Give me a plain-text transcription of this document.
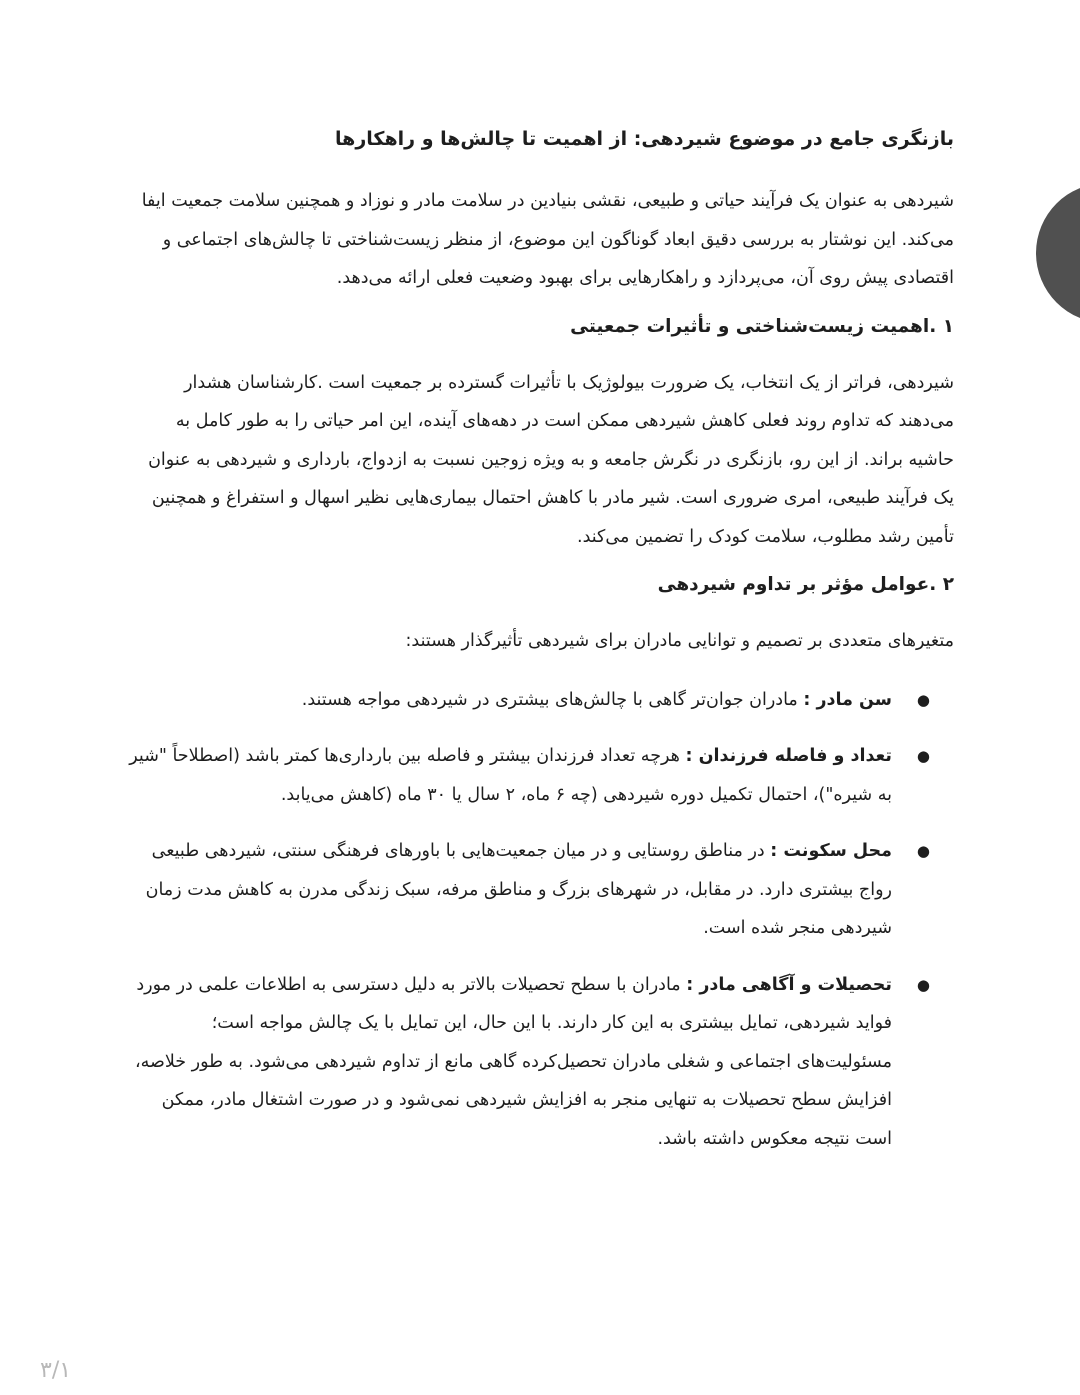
بازنگری جامع در موضوع شیردهی: از اهمیت تا چالش‌ها و راهکارها

شیردهی به عنوان یک فرآیند حیاتی و طبیعی، نقشی بنیادین در سلامت مادر و نوزاد و همچنین سلامت جمعیت ایفا می‌کند. این نوشتار به بررسی دقیق ابعاد گوناگون این موضوع، از منظر زیست‌شناختی تا چالش‌های اجتماعی و اقتصادی پیش روی آن، می‌پردازد و راهکارهایی برای بهبود وضعیت فعلی ارائه می‌دهد.

۱ .اهمیت زیست‌شناختی و تأثیرات جمعیتی

شیردهی، فراتر از یک انتخاب، یک ضرورت بیولوژیک با تأثیرات گسترده بر جمعیت است .کارشناسان هشدار می‌دهند که تداوم روند فعلی کاهش شیردهی ممکن است در دهه‌های آینده، این امر حیاتی را به طور کامل به حاشیه براند. از این رو، بازنگری در نگرش جامعه و به ویژه زوجین نسبت به ازدواج، بارداری و شیردهی به عنوان یک فرآیند طبیعی، امری ضروری است. شیر مادر با کاهش احتمال بیماری‌هایی نظیر اسهال و استفراغ و همچنین تأمین رشد مطلوب، سلامت کودک را تضمین می‌کند.

۲ .عوامل مؤثر بر تداوم شیردهی

متغیرهای متعددی بر تصمیم و توانایی مادران برای شیردهی تأثیرگذار هستند:

●
سن مادر : مادران جوان‌تر گاهی با چالش‌های بیشتری در شیردهی مواجه هستند.
●
تعداد و فاصله فرزندان : هرچه تعداد فرزندان بیشتر و فاصله بین بارداری‌ها کمتر باشد (اصطلاحاً "شیر به شیره")، احتمال تکمیل دوره شیردهی (چه ۶ ماه، ۲ سال یا ۳۰ ماه (کاهش می‌یابد.
●
محل سکونت : در مناطق روستایی و در میان جمعیت‌هایی با باورهای فرهنگی سنتی، شیردهی طبیعی رواج بیشتری دارد. در مقابل، در شهرهای بزرگ و مناطق مرفه، سبک زندگی مدرن به کاهش مدت زمان شیردهی منجر شده است.
●
تحصیلات و آگاهی مادر : مادران با سطح تحصیلات بالاتر به دلیل دسترسی به اطلاعات علمی در مورد فواید شیردهی، تمایل بیشتری به این کار دارند. با این حال، این تمایل با یک چالش مواجه است؛ مسئولیت‌های اجتماعی و شغلی مادران تحصیل‌کرده گاهی مانع از تداوم شیردهی می‌شود. به طور خلاصه، افزایش سطح تحصیلات به تنهایی منجر به افزایش شیردهی نمی‌شود و در صورت اشتغال مادر، ممکن است نتیجه معکوس داشته باشد.
۳/۱
